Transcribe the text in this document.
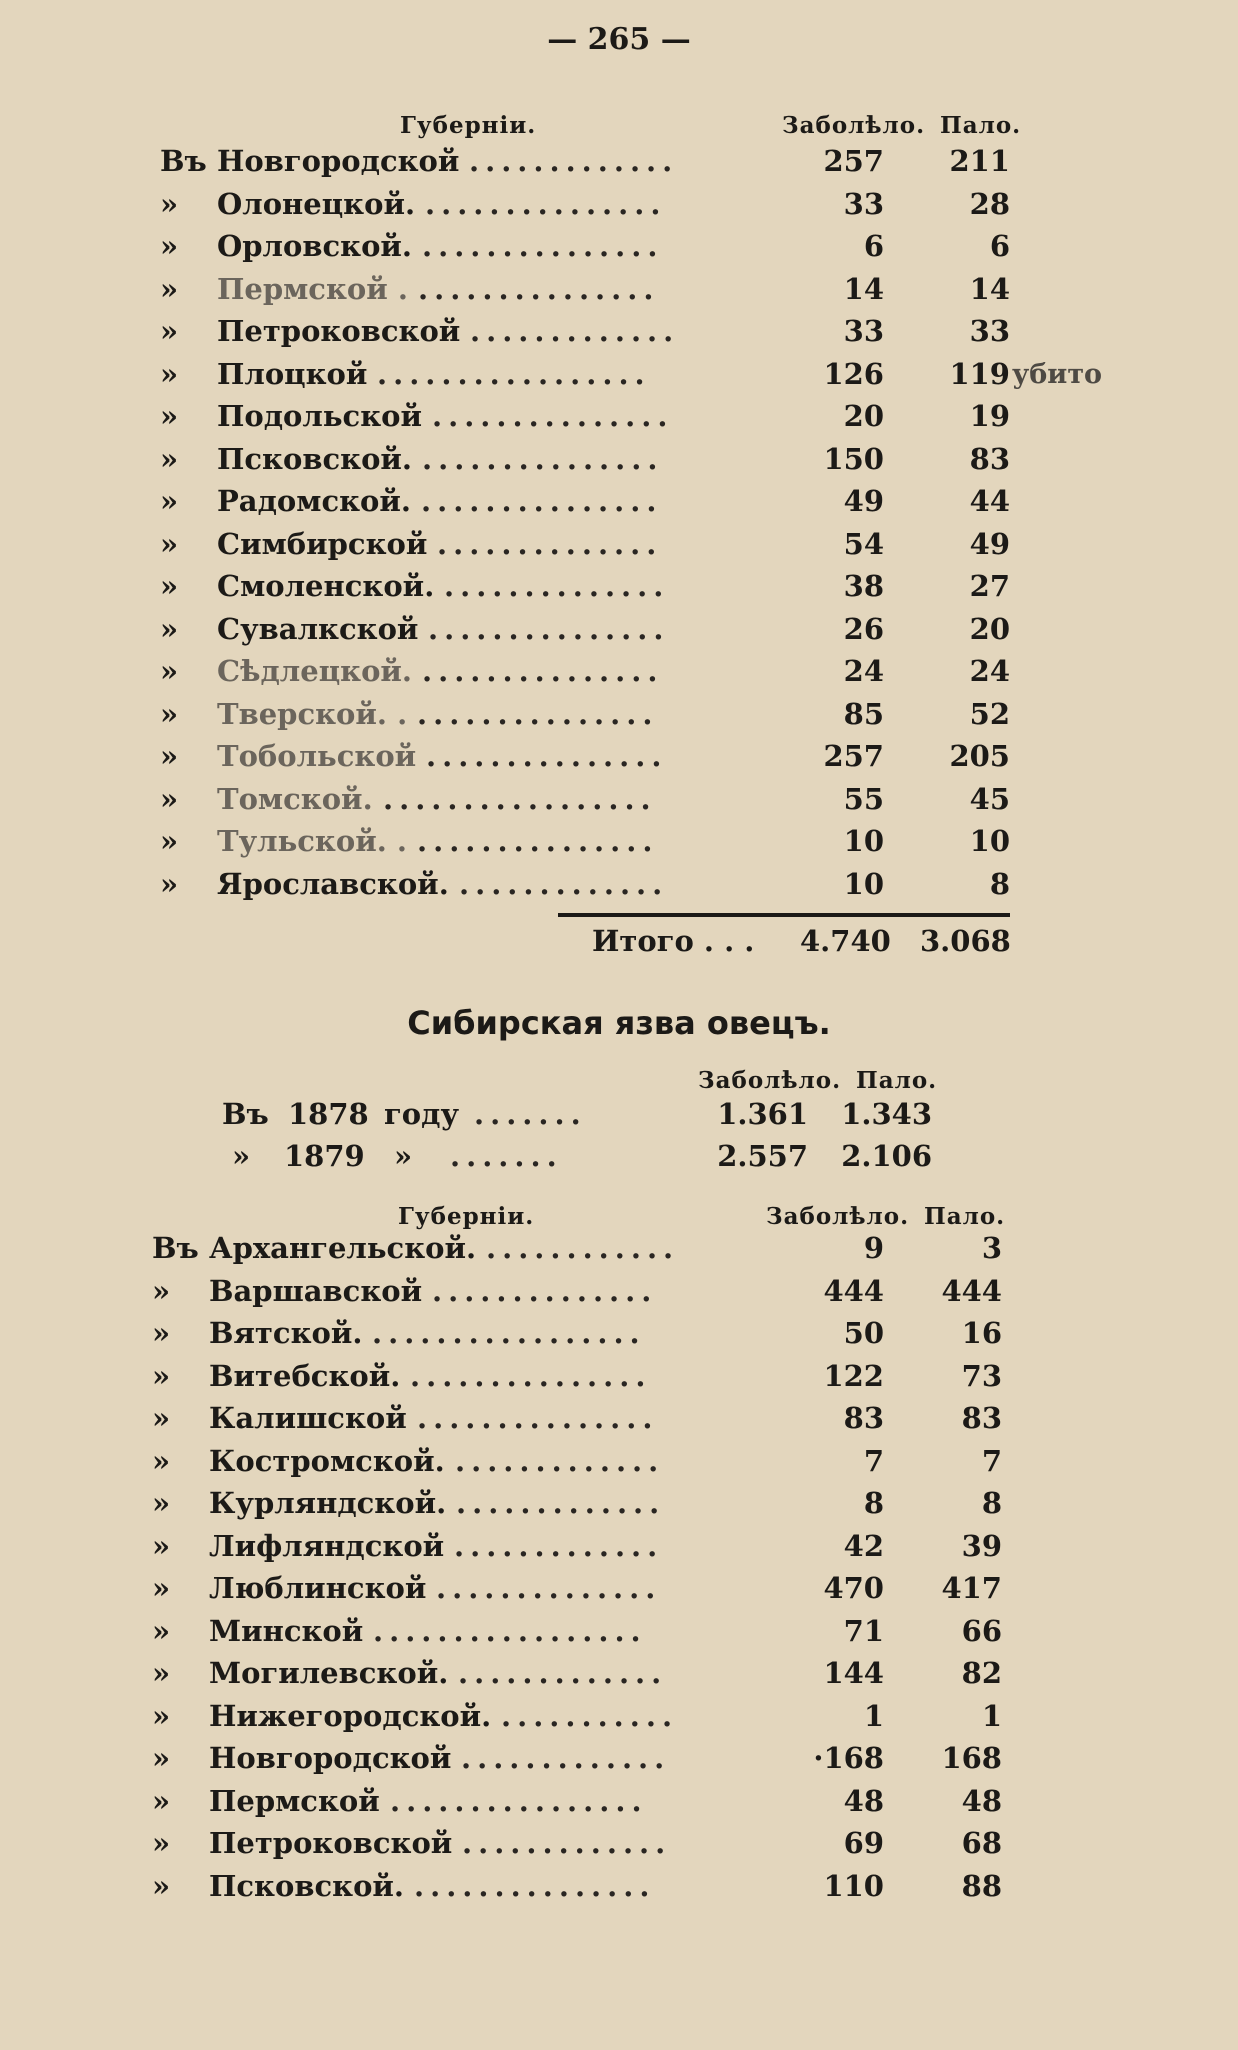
— 265 —
Губерніи.	Заболѣло. Пало.
Въ Новгородской .............	257 211
»	Олонецкой. ...............	33	28
»	Орловской. ...............	6	6
»	Пермской . ...............	14	14
»	Петроковской .............	33	33
»	Плоцкой .................	126 119 убито
»	Подольской ...............	20	19
»	Псковской. ...............	150	83
»	Радомской. ...............	49	44
»	Симбирской ..............	54	49
»	Смоленской. ..............	38	27
»	Сувалкской ...............	26	20
»	Сѣдлецкой. ...............	24	24
»	Тверской. . ...............	85	52
»	Тобольской ...............	257 205
»	Томской. .................	55	45
»	Тульской. . ...............	10	10
»	Ярославской. .............	10	8
Итого . . . 4.740 3.068
Сибирская язва овецъ.
Заболѣло. Пало.
Въ 1878 году .......	1.361 1.343
» 1879 » .......	2.557 2.106
Губерніи.	Заболѣло. Пало.
Въ Архангельской. ............	9	3
»	Варшавской ..............	444 444
»	Вятской. .................	50	16
»	Витебской. ...............	122	73
»	Калишской ...............	83	83
»	Костромской. .............	7	7
»	Курляндской. .............	8	8
»	Лифляндской .............	42	39
»	Люблинской ..............	470 417
»	Минской .................	71	66
»	Могилевской. .............	144	82
»	Нижегородской. ...........	1	1
»	Новгородской .............	·168 168
»	Пермской ................	48	48
»	Петроковской .............	69	68
»	Псковской. ...............	110	88
